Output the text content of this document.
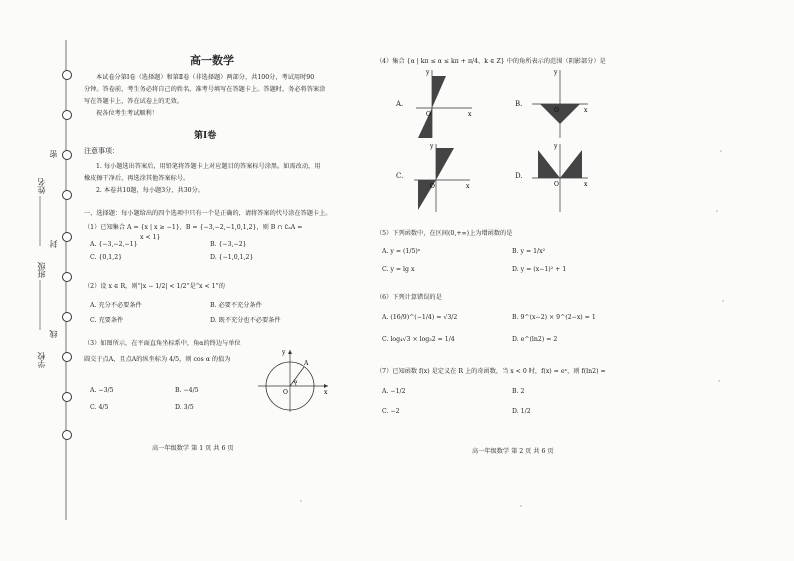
姓名
班级
学校
密
封
线
高一数学
本试卷分第Ⅰ卷（选择题）和第Ⅱ卷（非选择题）两部分，共100分，考试用时90
分钟。答卷前，考生务必将自己的姓名、准考号填写在答题卡上。答题时，务必将答案涂
写在答题卡上，答在试卷上的无效。
祝各位考生考试顺利！
第Ⅰ卷
注意事项：
1. 每小题选出答案后，用铅笔将答题卡上对应题目的答案标号涂黑。如需改动，用
橡皮擦干净后，再选涂其他答案标号。
2. 本卷共10题，每小题3分，共30分。
一、选择题：每小题给出的四个选项中只有一个是正确的，请将答案的代号涂在答题卡上。
（1）已知集合 A = {x | x ≥ −1}，B = {−3,−2,−1,0,1,2}，则 B ∩ ∁ₐA =
x < 1}
A. {−3,−2,−1}	B. {−3,−2}
C. {0,1,2}	D. {−1,0,1,2}
（2）设 x ∈ R，则“|x − 1/2| < 1/2”是“x < 1”的
A. 充分不必要条件	B. 必要不充分条件
C. 充要条件	D. 既不充分也不必要条件
（3）如图所示，在平面直角坐标系中，角α的终边与单位
圆交于点A，且点A的纵坐标为 4/5，则 cos α 的值为
A. −3/5	B. −4/5
C. 4/5	D. 3/5
A
α
O	x
y
高一年级数学 第 1 页 共 6 页
（4）集合 {α | kπ ≤ α ≤ kπ + π/4，k ∈ Z} 中的角所表示的范围（阴影部分）是
A.
O	x
y
B.
O	x
y
C.
O	x
y
D.
O	x
y
（5）下列函数中，在区间(0,+∞)上为增函数的是
A. y = (1/5)ˣ	B. y = 1/x²
C. y = lg x	D. y = (x−1)² + 1
（6）下列计算错误的是
A. (16/9)^(−1/4) = √3/2	B. 9^(x−2) × 9^(2−x) = 1
C. log₄√3 × log₃2 = 1/4	D. e^(ln2) = 2
（7）已知函数 f(x) 是定义在 R 上的奇函数，当 x < 0 时，f(x) = eˣ，则 f(ln2) =
A. −1/2	B. 2
C. −2	D. 1/2
高一年级数学 第 2 页 共 6 页
